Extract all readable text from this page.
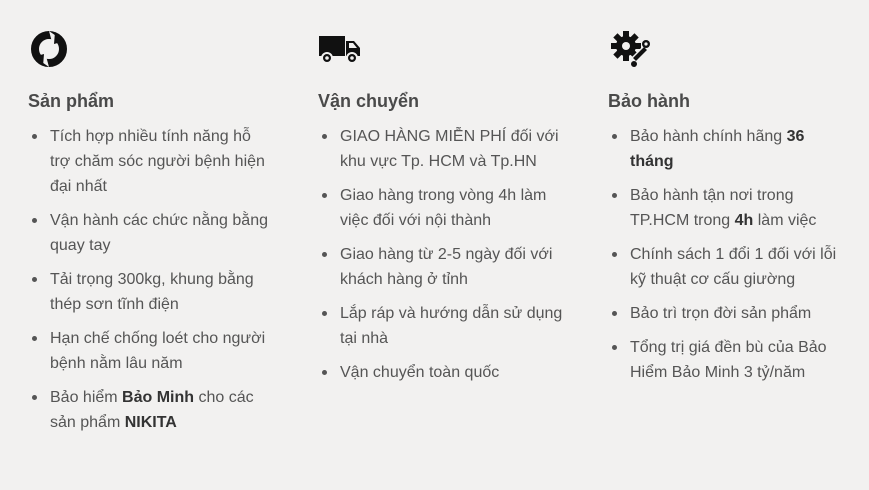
Sản phẩm
Tích hợp nhiều tính năng hỗ trợ chăm sóc người bệnh hiện đại nhất
Vận hành các chức nằng bằng quay tay
Tải trọng 300kg, khung bằng thép sơn tĩnh điện
Hạn chế chống loét cho người bệnh nằm lâu năm
Bảo hiểm Bảo Minh cho các sản phẩm NIKITA
Vận chuyển
GIAO HÀNG MIỄN PHÍ đối với khu vực Tp. HCM và Tp.HN
Giao hàng trong vòng 4h làm việc đối với nội thành
Giao hàng từ 2-5 ngày đối với khách hàng ở tỉnh
Lắp ráp và hướng dẫn sử dụng tại nhà
Vận chuyển toàn quốc
Bảo hành
Bảo hành chính hãng 36 tháng
Bảo hành tận nơi trong TP.HCM trong 4h làm việc
Chính sách 1 đổi 1 đối với lỗi kỹ thuật cơ cấu giường
Bảo trì trọn đời sản phẩm
Tổng trị giá đền bù của Bảo Hiểm Bảo Minh 3 tỷ/năm
